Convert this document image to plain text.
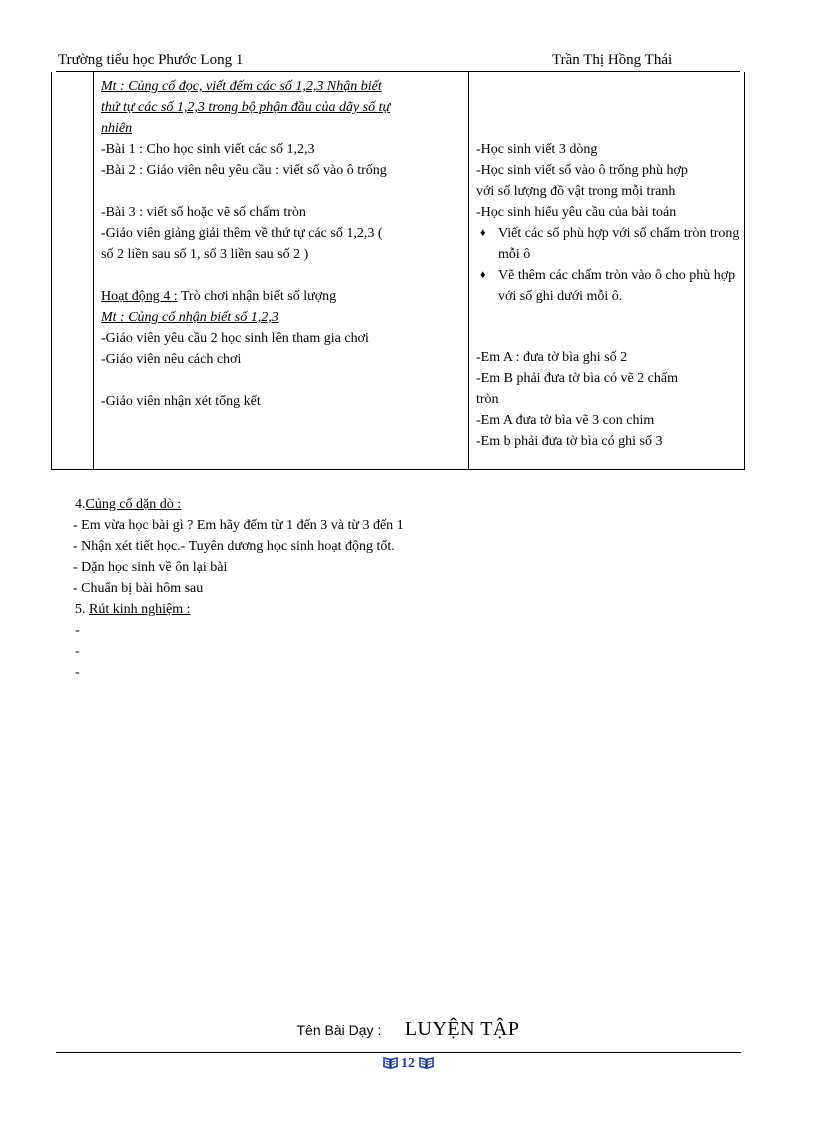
Trường tiểu học Phước Long 1	Trần Thị Hồng Thái
Mt : Củng cố đọc, viết đếm các số 1,2,3 Nhận biết
thứ tự các số 1,2,3 trong bộ phận đầu của dãy số tự
nhiên
-Bài 1 : Cho học sinh viết các số 1,2,3
-Bài 2 : Giáo viên nêu yêu cầu : viết số vào ô trống
-Bài 3 : viết số hoặc vẽ số chấm tròn
-Giáo viên giảng giải thêm về thứ tự các số 1,2,3 (
số 2 liền sau số 1, số 3 liền sau số 2 )
Hoạt động 4 : Trò chơi nhận biết số lượng
Mt : Củng cố nhận biết số 1,2,3
-Giáo viên yêu cầu 2 học sinh lên tham gia chơi
-Giáo viên nêu cách chơi
-Giáo viên nhận xét tổng kết
-Học sinh viết 3 dòng
-Học sinh viết số vào ô trống phù hợp
với số lượng đồ vật trong mỗi tranh
-Học sinh hiểu yêu cầu của bài toán
♦ Viết các số phù hợp với số chấm tròn trong mỗi ô
♦ Vẽ thêm các chấm tròn vào ô cho phù hợp với số ghi dưới mỗi ô.
-Em A : đưa tờ bìa ghi số 2
-Em B phải đưa tờ bìa có vẽ 2 chấm
tròn
-Em A đưa tờ bìa vẽ 3 con chim
-Em b phải đưa tờ bìa có ghi số 3
4.Củng cố dặn dò :
- Em vừa học bài gì ? Em hãy đếm từ 1 đến 3 và từ 3 đến 1
- Nhận xét tiết học.- Tuyên dương học sinh hoạt động tốt.
- Dặn học sinh về ôn lại bài
- Chuẩn bị bài hôm sau
5. Rút kinh nghiệm :
-
-
-
Tên Bài Dạy : LUYỆN TẬP
12
